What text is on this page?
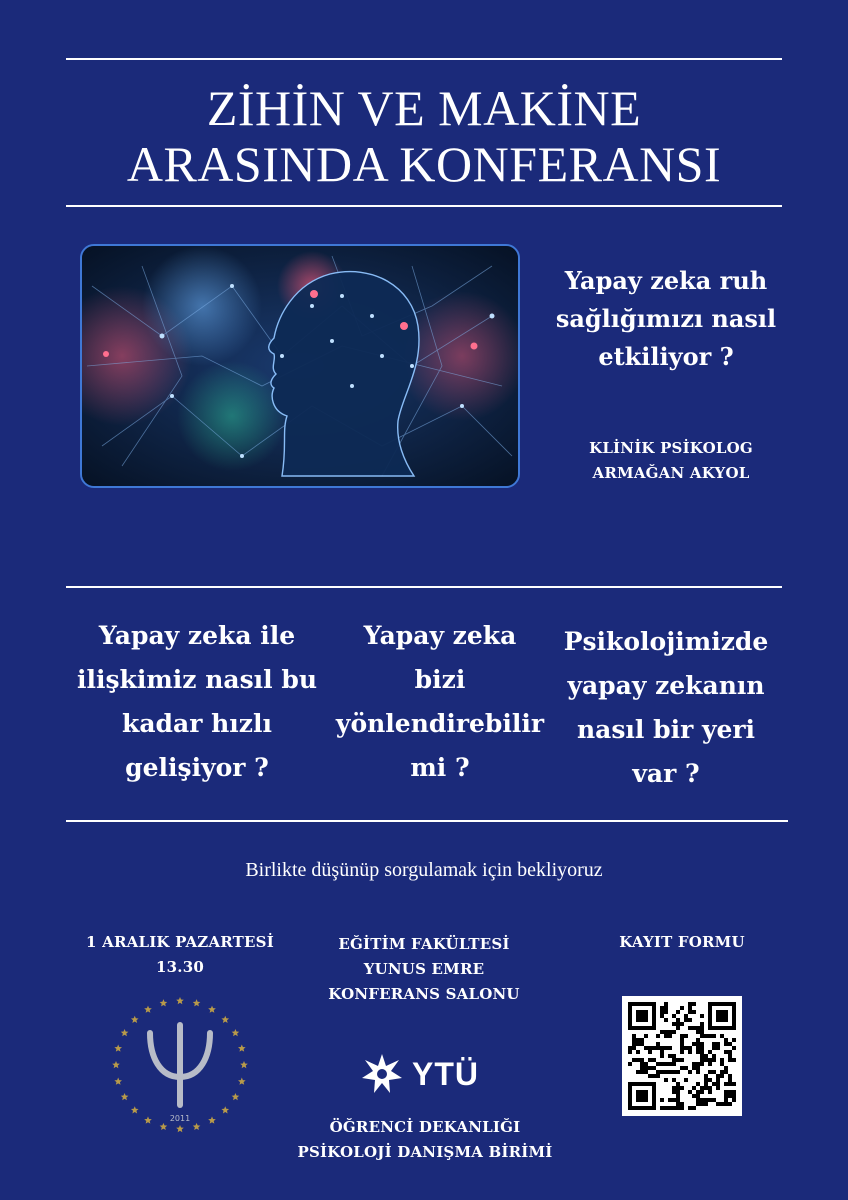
ZİHİN VE MAKİNE
ARASINDA KONFERANSI
Yapay zeka ruh
sağlığımızı nasıl
etkiliyor ?
KLİNİK PSİKOLOG
ARMAĞAN AKYOL
Yapay zeka ile
ilişkimiz nasıl bu
kadar hızlı
gelişiyor ?
Yapay zeka
bizi
yönlendirebilir
mi ?
Psikolojimizde
yapay zekanın
nasıl bir yeri
var ?
Birlikte düşünüp sorgulamak için bekliyoruz
1 ARALIK PAZARTESİ
13.30
EĞİTİM FAKÜLTESİ
YUNUS EMRE
KONFERANS SALONU
KAYIT FORMU
2011
YTÜ
ÖĞRENCİ DEKANLIĞI
PSİKOLOJİ DANIŞMA BİRİMİ
